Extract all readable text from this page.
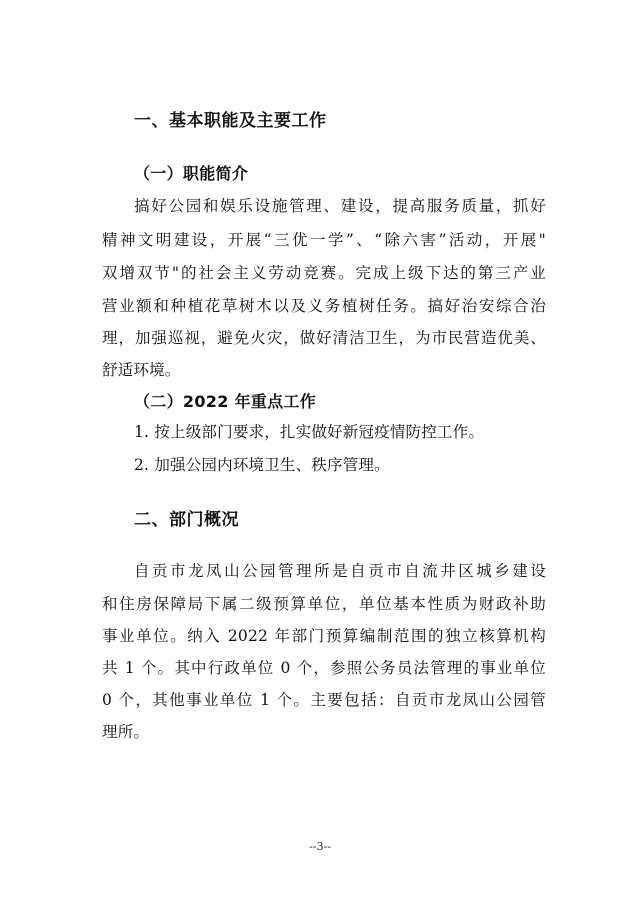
一、基本职能及主要工作
（一）职能简介
搞好公园和娱乐设施管理、建设，提高服务质量，抓好
精神文明建设，开展“三优一学”、“除六害”活动，开展"
双增双节"的社会主义劳动竞赛。完成上级下达的第三产业
营业额和种植花草树木以及义务植树任务。搞好治安综合治
理，加强巡视，避免火灾，做好清洁卫生，为市民营造优美、
舒适环境。
（二）2022 年重点工作
1. 按上级部门要求，扎实做好新冠疫情防控工作。
2. 加强公园内环境卫生、秩序管理。
二、部门概况
自贡市龙凤山公园管理所是自贡市自流井区城乡建设
和住房保障局下属二级预算单位，单位基本性质为财政补助
事业单位。纳入 2022 年部门预算编制范围的独立核算机构
共 1 个。其中行政单位 0 个，参照公务员法管理的事业单位
0 个，其他事业单位 1 个。主要包括：自贡市龙凤山公园管
理所。
--3--
